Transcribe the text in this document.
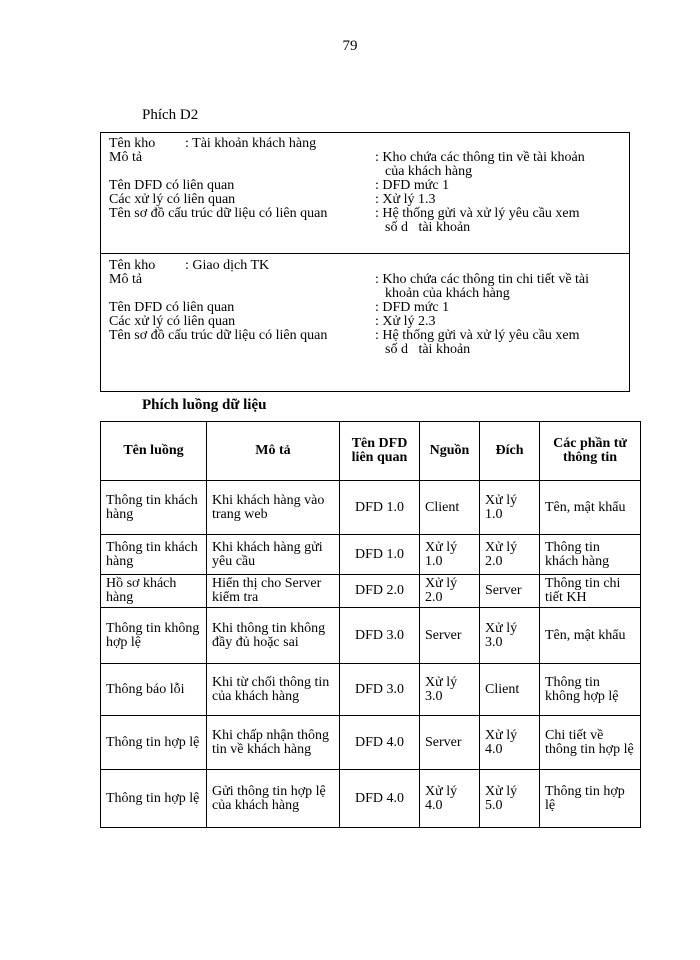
79
Phích D2
Tên kho : Tài khoản khách hàng
Mô tả	: Kho chứa các thông tin về tài khoản
của khách hàng
Tên DFD có liên quan	: DFD mức 1
Các xử lý có liên quan	: Xử lý 1.3
Tên sơ đồ cấu trúc dữ liệu có liên quan	: Hệ thống gửi và xử lý yêu cầu xem
số d   tài khoản
Tên kho : Giao dịch TK
Mô tả	: Kho chứa các thông tin chi tiết về tài
khoản của khách hàng
Tên DFD có liên quan	: DFD mức 1
Các xử lý có liên quan	: Xử lý 2.3
Tên sơ đồ cấu trúc dữ liệu có liên quan	: Hệ thống gửi và xử lý yêu cầu xem
số d   tài khoản
Phích luồng dữ liệu
Tên luồng	Mô tả	Tên DFD liên quan	Nguồn	Đích	Các phần tử thông tin
Thông tin khách hàng	Khi khách hàng vào trang web	DFD 1.0	Client	Xử lý 1.0	Tên, mật khẩu
Thông tin khách hàng	Khi khách hàng gửi yêu cầu	DFD 1.0	Xử lý 1.0	Xử lý 2.0	Thông tin khách hàng
Hồ sơ khách hàng	Hiển thị cho Server kiểm tra	DFD 2.0	Xử lý 2.0	Server	Thông tin chi tiết KH
Thông tin không hợp lệ	Khi thông tin không đầy đủ hoặc sai	DFD 3.0	Server	Xử lý 3.0	Tên, mật khẩu
Thông báo lỗi	Khi từ chối thông tin của khách hàng	DFD 3.0	Xử lý 3.0	Client	Thông tin không hợp lệ
Thông tin hợp lệ	Khi chấp nhận thông tin về khách hàng	DFD 4.0	Server	Xử lý 4.0	Chi tiết về thông tin hợp lệ
Thông tin hợp lệ	Gửi thông tin hợp lệ của khách hàng	DFD 4.0	Xử lý 4.0	Xử lý 5.0	Thông tin hợp lệ
